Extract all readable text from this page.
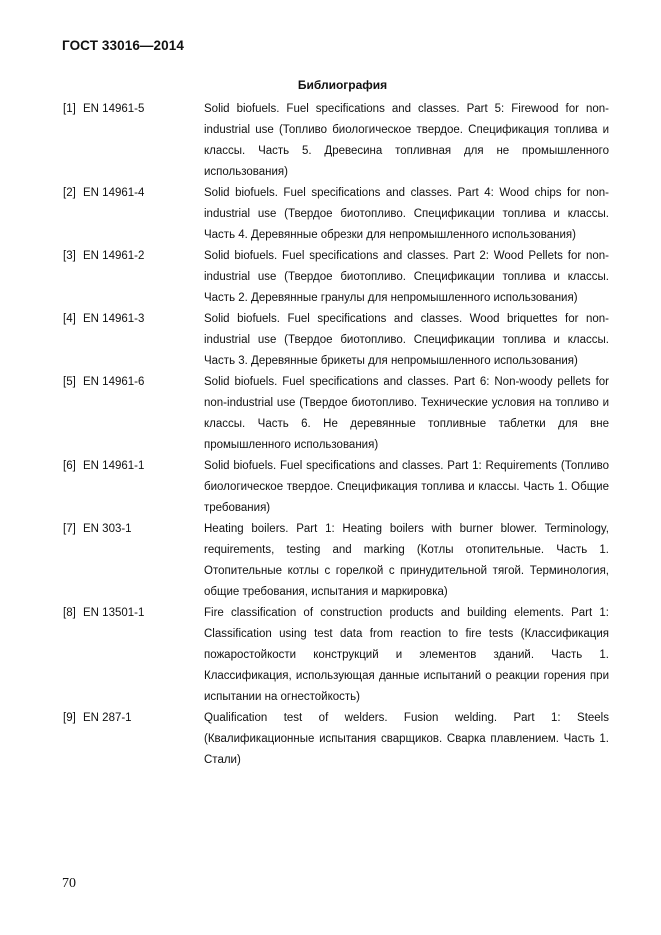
ГОСТ 33016—2014
Библиография
[1] EN 14961-5	Solid biofuels. Fuel specifications and classes. Part 5: Firewood for non-industrial use (Топливо биологическое твердое. Спецификация топлива и классы. Часть 5. Древесина топливная для не промышленного использования)
[2] EN 14961-4	Solid biofuels. Fuel specifications and classes. Part 4: Wood chips for non-industrial use (Твердое биотопливо. Спецификации топлива и классы. Часть 4. Деревянные обрезки для непромышленного использования)
[3] EN 14961-2	Solid biofuels. Fuel specifications and classes. Part 2: Wood Pellets for non-industrial use (Твердое биотопливо. Спецификации топлива и классы. Часть 2. Деревянные гранулы для непромышленного использования)
[4] EN 14961-3	Solid biofuels. Fuel specifications and classes. Wood briquettes for non-industrial use (Твердое биотопливо. Спецификации топлива и классы. Часть 3. Деревянные брикеты для непромышленного использования)
[5] EN 14961-6	Solid biofuels. Fuel specifications and classes. Part 6: Non-woody pellets for non-industrial use (Твердое биотопливо. Технические условия на топливо и классы. Часть 6. Не деревянные топливные таблетки для вне промышленного использования)
[6] EN 14961-1	Solid biofuels. Fuel specifications and classes. Part 1: Requirements (Топливо биологическое твердое. Спецификация топлива и классы. Часть 1. Общие требования)
[7] EN 303-1	Heating boilers. Part 1: Heating boilers with burner blower. Terminology, requirements, testing and marking (Котлы отопительные. Часть 1. Отопительные котлы с горелкой с принудительной тягой. Терминология, общие требования, испытания и маркировка)
[8] EN 13501-1	Fire classification of construction products and building elements. Part 1: Classification using test data from reaction to fire tests (Классификация пожаростойкости конструкций и элементов зданий. Часть 1. Классификация, использующая данные испытаний о реакции горения при испытании на огнестойкость)
[9] EN 287-1	Qualification test of welders. Fusion welding. Part 1: Steels (Квалификационные испытания сварщиков. Сварка плавлением. Часть 1. Стали)
70
